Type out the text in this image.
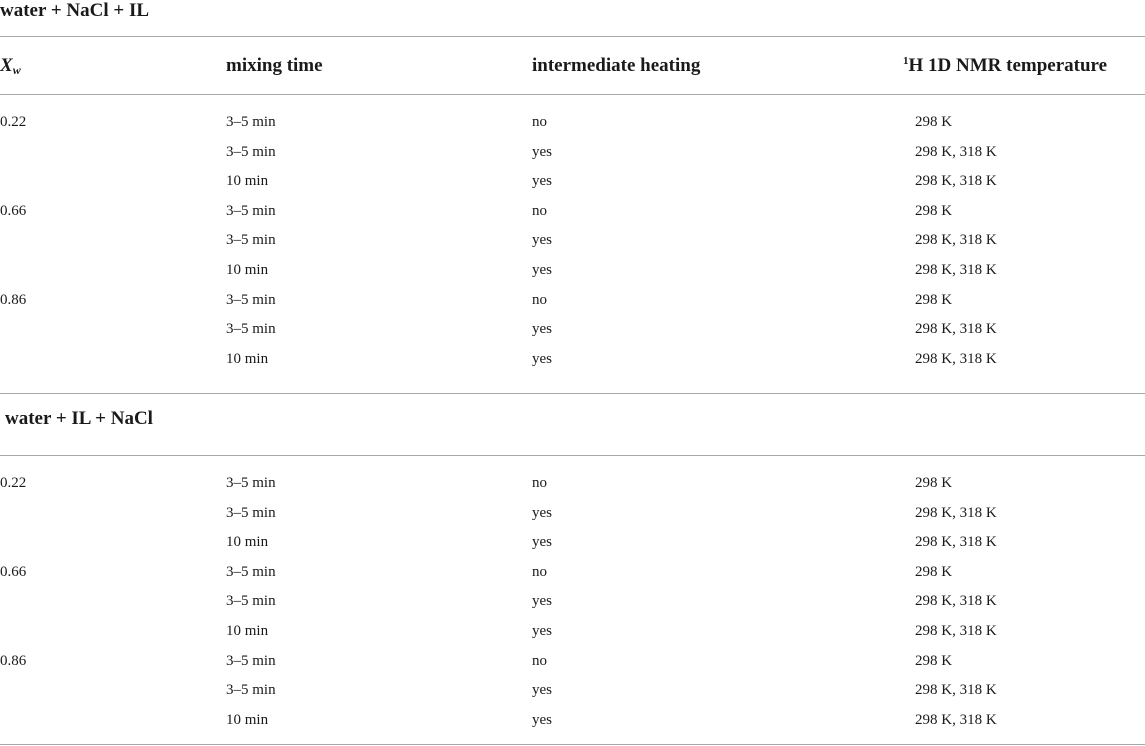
water + NaCl + IL
$X_w$	mixing time	intermediate heating	$^1$H 1D NMR temperature
0.22	3–5 min	no	298 K
3–5 min	yes	298 K, 318 K
10 min	yes	298 K, 318 K
0.66	3–5 min	no	298 K
3–5 min	yes	298 K, 318 K
10 min	yes	298 K, 318 K
0.86	3–5 min	no	298 K
3–5 min	yes	298 K, 318 K
10 min	yes	298 K, 318 K
water + IL + NaCl
0.22	3–5 min	no	298 K
3–5 min	yes	298 K, 318 K
10 min	yes	298 K, 318 K
0.66	3–5 min	no	298 K
3–5 min	yes	298 K, 318 K
10 min	yes	298 K, 318 K
0.86	3–5 min	no	298 K
3–5 min	yes	298 K, 318 K
10 min	yes	298 K, 318 K
